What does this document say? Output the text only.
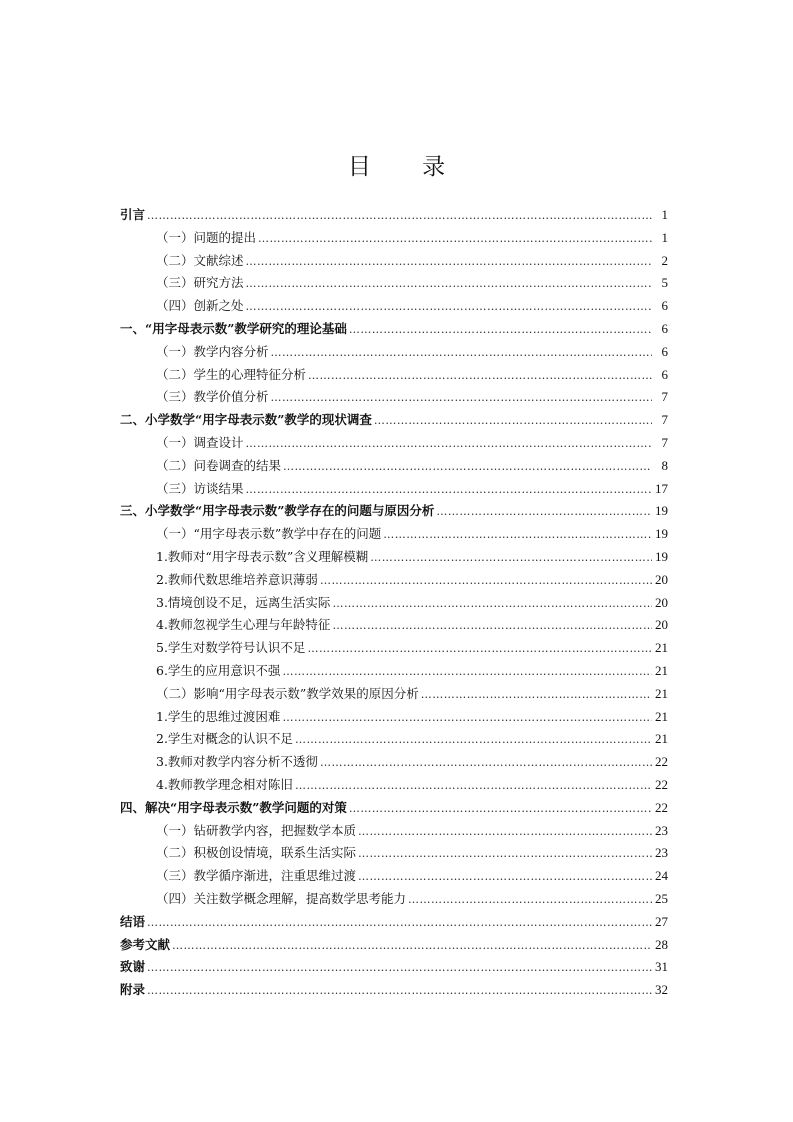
目 录
引言 …………………………………………………………………………………………………………………………………………………………………………	1
（一）问题的提出 …………………………………………………………………………………………………………………………………………………………………………	1
（二）文献综述 …………………………………………………………………………………………………………………………………………………………………………	2
（三）研究方法 …………………………………………………………………………………………………………………………………………………………………………	5
（四）创新之处 …………………………………………………………………………………………………………………………………………………………………………	6
一、“用字母表示数”教学研究的理论基础 …………………………………………………………………………………………………………………………………………………………………………	6
（一）教学内容分析 …………………………………………………………………………………………………………………………………………………………………………	6
（二）学生的心理特征分析 …………………………………………………………………………………………………………………………………………………………………………	6
（三）教学价值分析 …………………………………………………………………………………………………………………………………………………………………………	7
二、小学数学“用字母表示数”教学的现状调查 …………………………………………………………………………………………………………………………………………………………………………	7
（一）调查设计 …………………………………………………………………………………………………………………………………………………………………………	7
（二）问卷调查的结果 …………………………………………………………………………………………………………………………………………………………………………	8
（三）访谈结果 …………………………………………………………………………………………………………………………………………………………………………	17
三、小学数学“用字母表示数”教学存在的问题与原因分析 …………………………………………………………………………………………………………………………………………………………………………	19
（一）“用字母表示数”教学中存在的问题 …………………………………………………………………………………………………………………………………………………………………………	19
1.教师对“用字母表示数”含义理解模糊 …………………………………………………………………………………………………………………………………………………………………………	19
2.教师代数思维培养意识薄弱 …………………………………………………………………………………………………………………………………………………………………………	20
3.情境创设不足，远离生活实际 …………………………………………………………………………………………………………………………………………………………………………	20
4.教师忽视学生心理与年龄特征 …………………………………………………………………………………………………………………………………………………………………………	20
5.学生对数学符号认识不足 …………………………………………………………………………………………………………………………………………………………………………	21
6.学生的应用意识不强 …………………………………………………………………………………………………………………………………………………………………………	21
（二）影响“用字母表示数”教学效果的原因分析 …………………………………………………………………………………………………………………………………………………………………………	21
1.学生的思维过渡困难 …………………………………………………………………………………………………………………………………………………………………………	21
2.学生对概念的认识不足 …………………………………………………………………………………………………………………………………………………………………………	21
3.教师对教学内容分析不透彻 …………………………………………………………………………………………………………………………………………………………………………	22
4.教师教学理念相对陈旧 …………………………………………………………………………………………………………………………………………………………………………	22
四、解决“用字母表示数”教学问题的对策 …………………………………………………………………………………………………………………………………………………………………………	22
（一）钻研教学内容，把握数学本质 …………………………………………………………………………………………………………………………………………………………………………	23
（二）积极创设情境，联系生活实际 …………………………………………………………………………………………………………………………………………………………………………	23
（三）教学循序渐进，注重思维过渡 …………………………………………………………………………………………………………………………………………………………………………	24
（四）关注数学概念理解，提高数学思考能力 …………………………………………………………………………………………………………………………………………………………………………	25
结语 …………………………………………………………………………………………………………………………………………………………………………	27
参考文献 …………………………………………………………………………………………………………………………………………………………………………	28
致谢 …………………………………………………………………………………………………………………………………………………………………………	31
附录 …………………………………………………………………………………………………………………………………………………………………………	32
